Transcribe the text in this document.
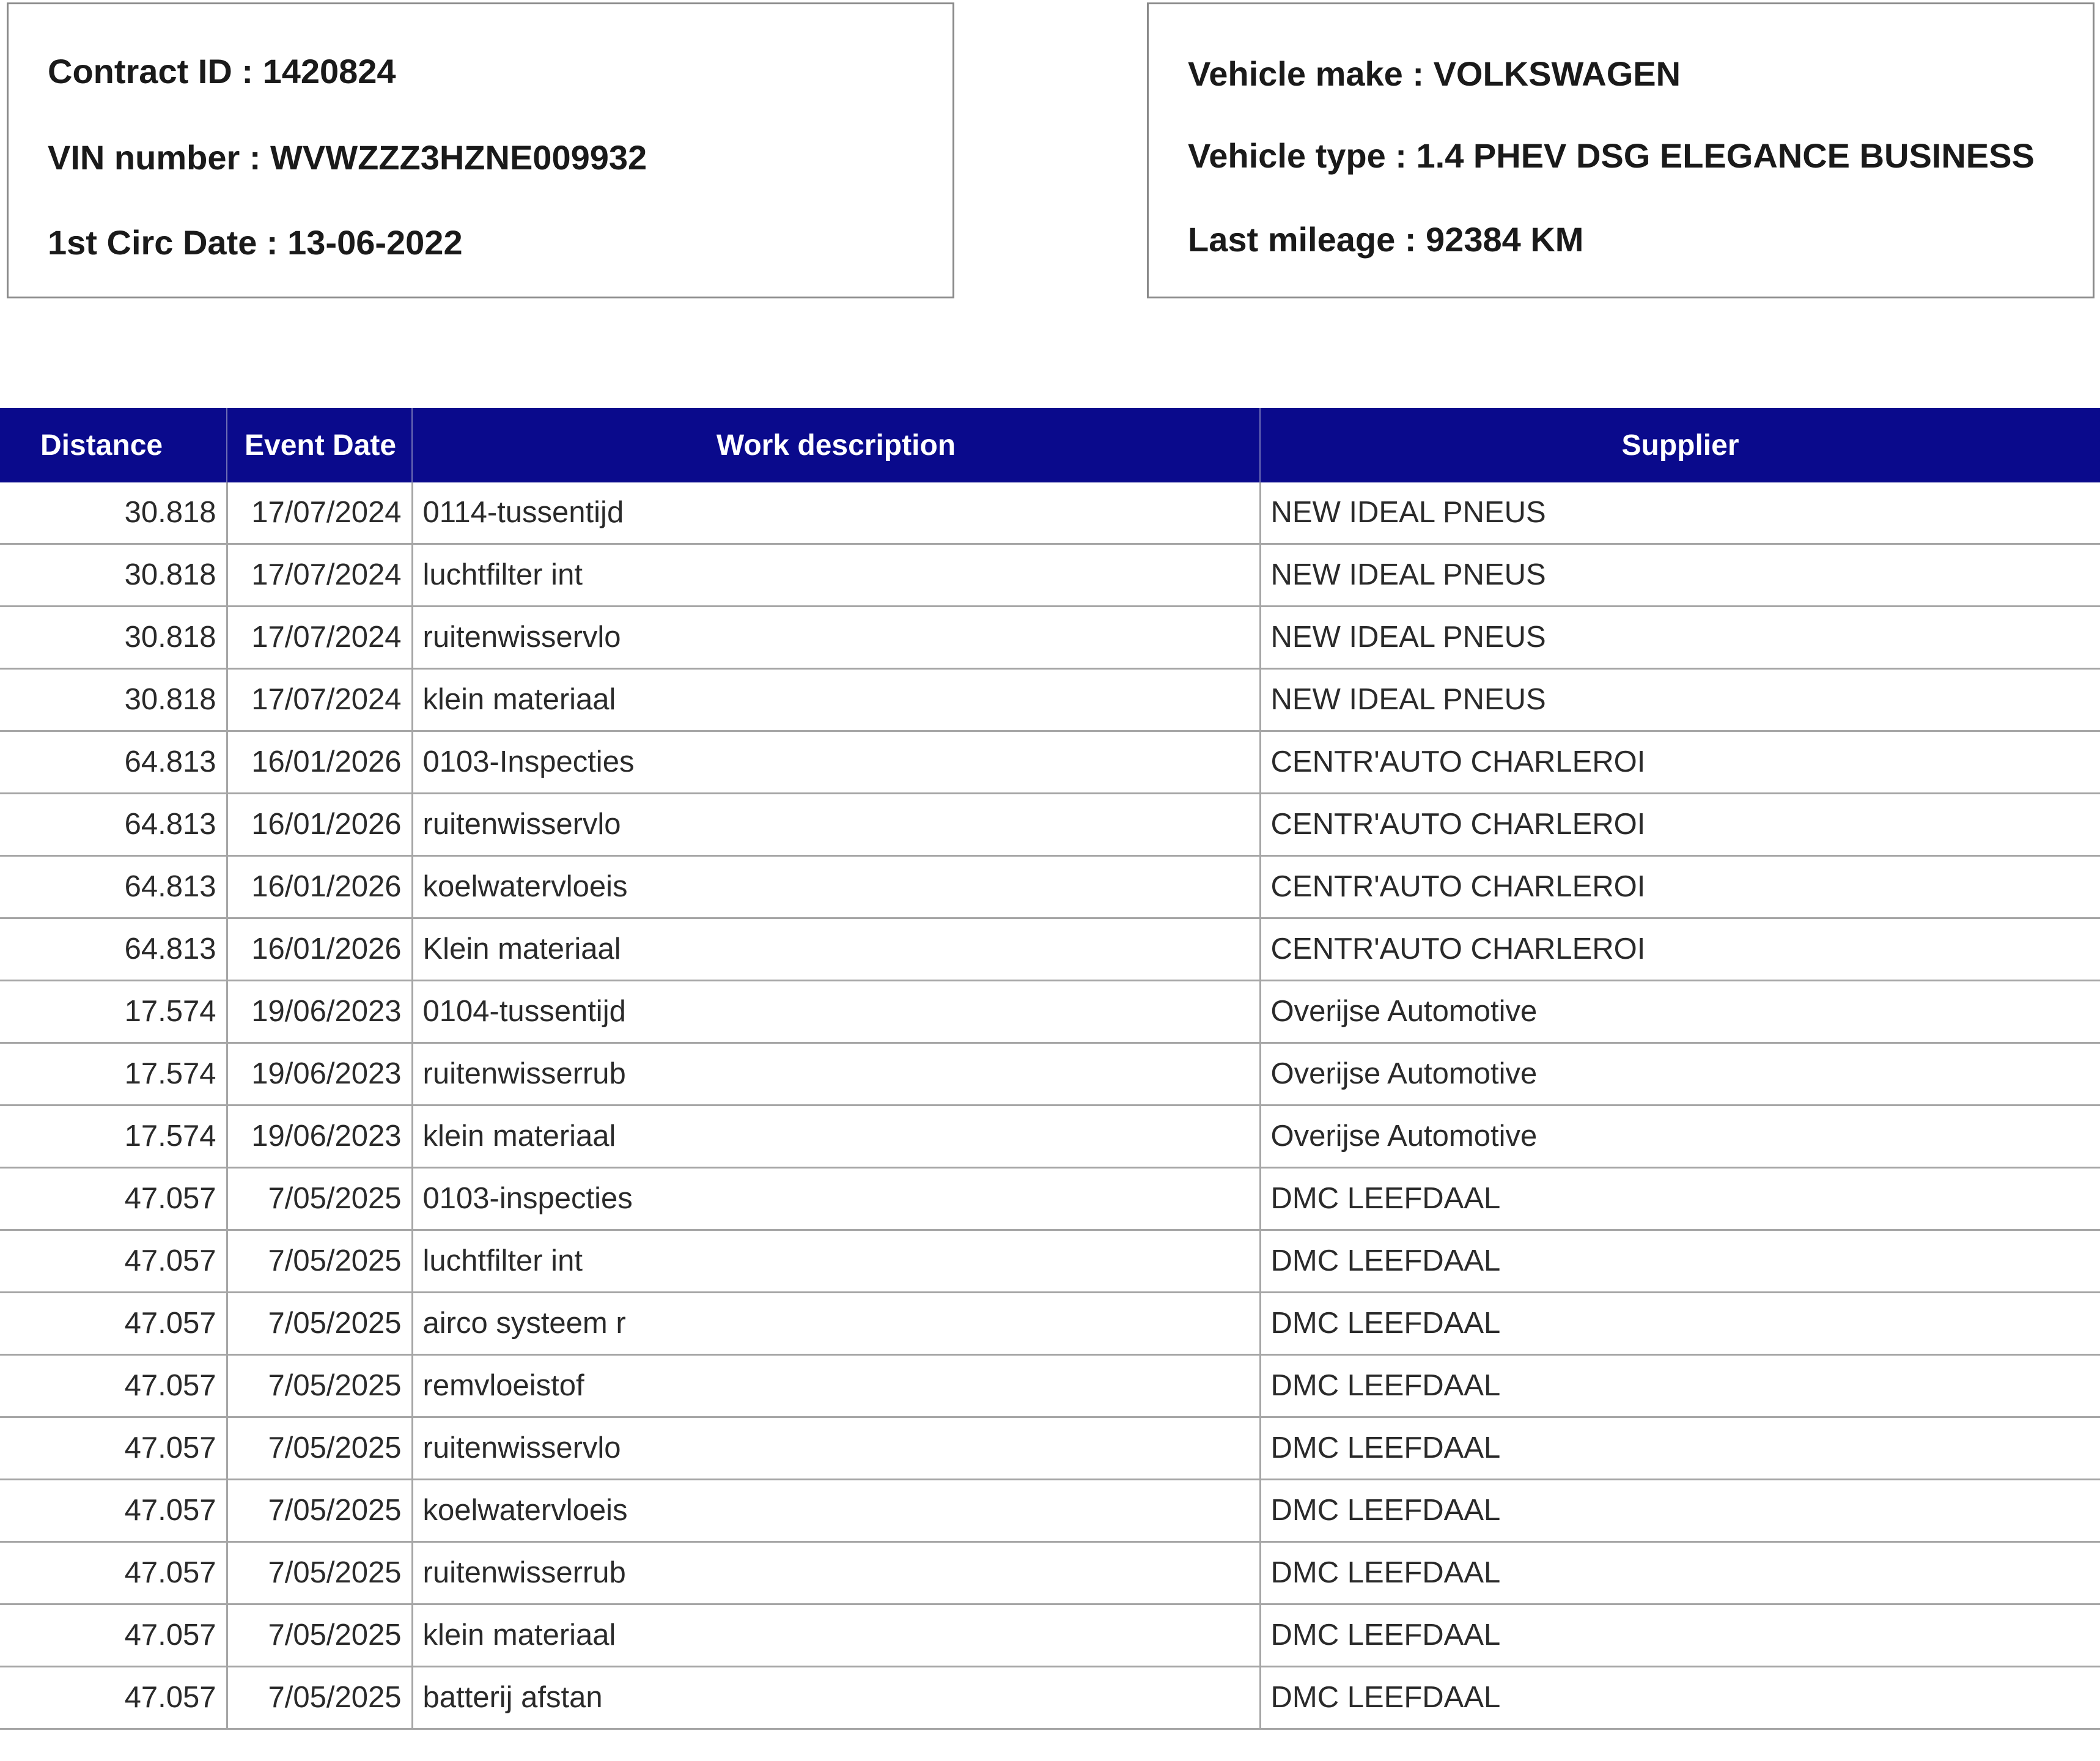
Contract ID : 1420824
VIN number : WVWZZZ3HZNE009932
1st Circ Date : 13-06-2022
Vehicle make : VOLKSWAGEN
Vehicle type : 1.4 PHEV DSG ELEGANCE BUSINESS
Last mileage : 92384 KM
Distance	Event Date	Work description	Supplier
30.818	17/07/2024	0114-tussentijd	NEW IDEAL PNEUS
30.818	17/07/2024	luchtfilter int	NEW IDEAL PNEUS
30.818	17/07/2024	ruitenwisservlo	NEW IDEAL PNEUS
30.818	17/07/2024	klein materiaal	NEW IDEAL PNEUS
64.813	16/01/2026	0103-Inspecties	CENTR'AUTO CHARLEROI
64.813	16/01/2026	ruitenwisservlo	CENTR'AUTO CHARLEROI
64.813	16/01/2026	koelwatervloeis	CENTR'AUTO CHARLEROI
64.813	16/01/2026	Klein materiaal	CENTR'AUTO CHARLEROI
17.574	19/06/2023	0104-tussentijd	Overijse Automotive
17.574	19/06/2023	ruitenwisserrub	Overijse Automotive
17.574	19/06/2023	klein materiaal	Overijse Automotive
47.057	7/05/2025	0103-inspecties	DMC LEEFDAAL
47.057	7/05/2025	luchtfilter int	DMC LEEFDAAL
47.057	7/05/2025	airco systeem r	DMC LEEFDAAL
47.057	7/05/2025	remvloeistof	DMC LEEFDAAL
47.057	7/05/2025	ruitenwisservlo	DMC LEEFDAAL
47.057	7/05/2025	koelwatervloeis	DMC LEEFDAAL
47.057	7/05/2025	ruitenwisserrub	DMC LEEFDAAL
47.057	7/05/2025	klein materiaal	DMC LEEFDAAL
47.057	7/05/2025	batterij afstan	DMC LEEFDAAL
